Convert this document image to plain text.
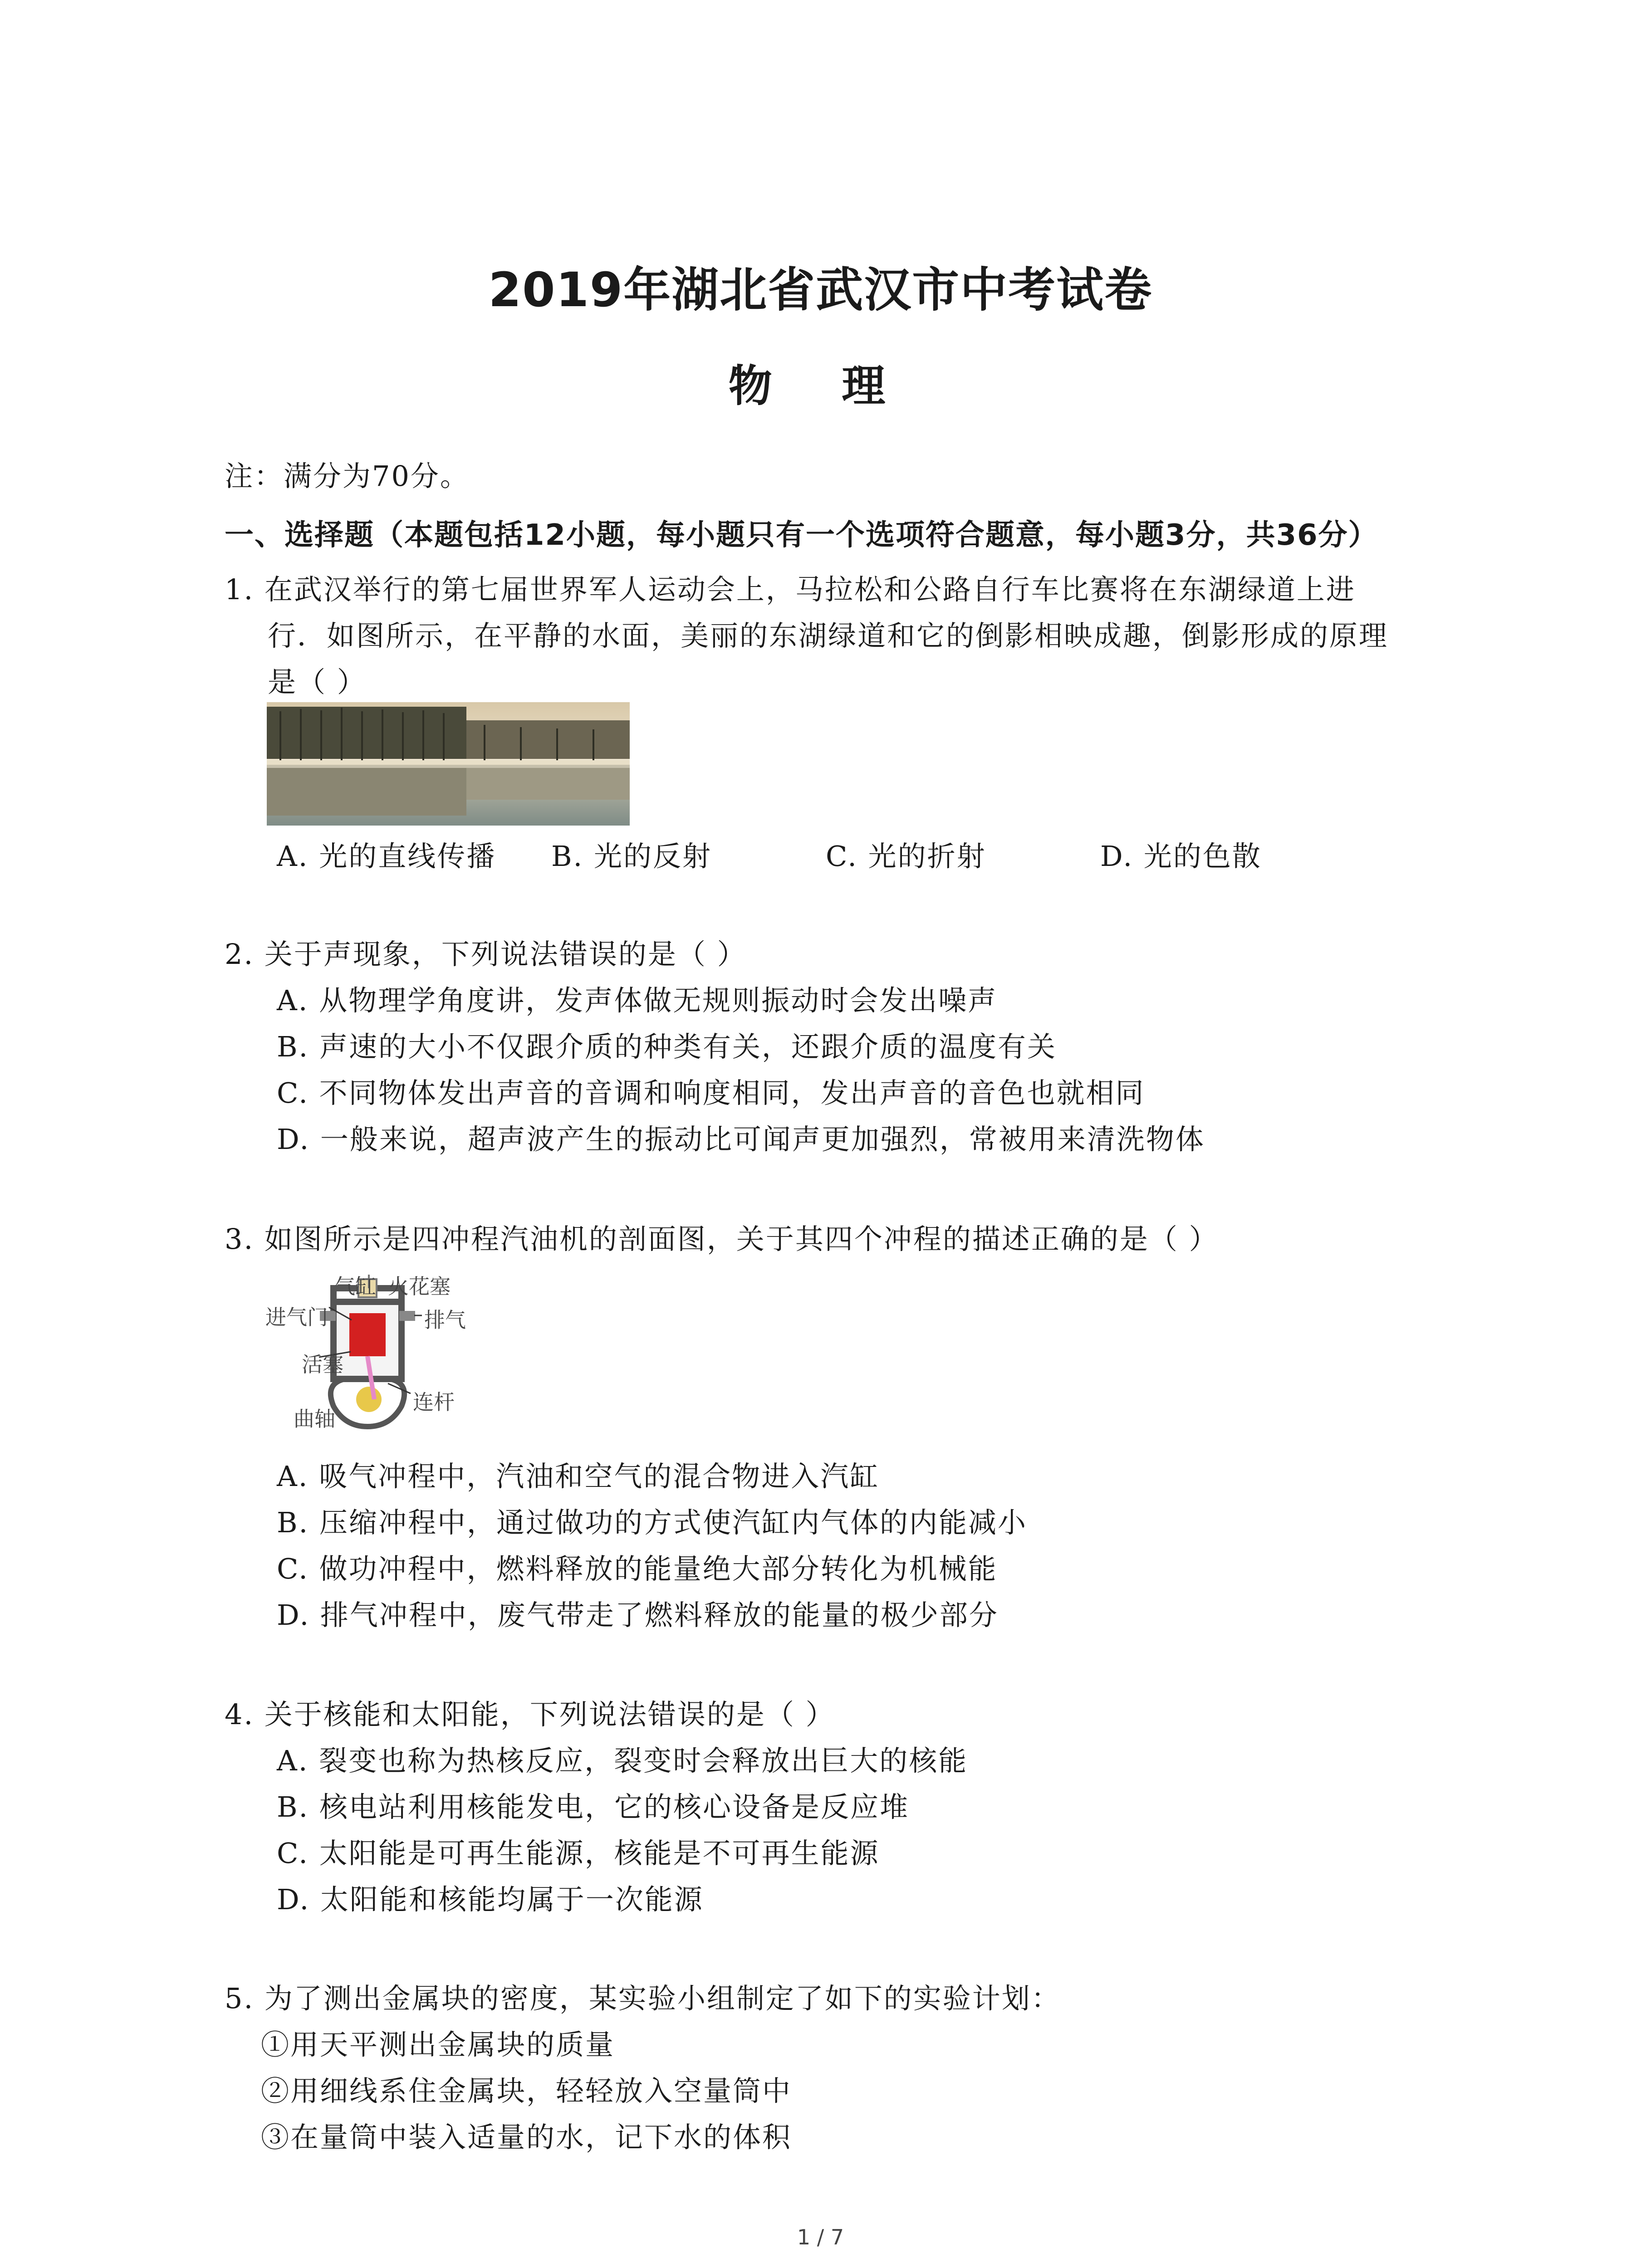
2019年湖北省武汉市中考试卷
物 理
注：满分为70分。
一、选择题（本题包括12小题，每小题只有一个选项符合题意，每小题3分，共36分）
1. 在武汉举行的第七届世界军人运动会上，马拉松和公路自行车比赛将在东湖绿道上进
行．如图所示，在平静的水面，美丽的东湖绿道和它的倒影相映成趣，倒影形成的原理
是（ ）
A. 光的直线传播 B. 光的反射	C. 光的折射	D. 光的色散
2. 关于声现象，下列说法错误的是（ ）
A. 从物理学角度讲，发声体做无规则振动时会发出噪声
B. 声速的大小不仅跟介质的种类有关，还跟介质的温度有关
C. 不同物体发出声音的音调和响度相同，发出声音的音色也就相同
D. 一般来说，超声波产生的振动比可闻声更加强烈，常被用来清洗物体
3. 如图所示是四冲程汽油机的剖面图，关于其四个冲程的描述正确的是（ ）
气缸 火花塞
进气门	排气
活塞
连杆
曲轴
A. 吸气冲程中，汽油和空气的混合物进入汽缸
B. 压缩冲程中，通过做功的方式使汽缸内气体的内能减小
C. 做功冲程中，燃料释放的能量绝大部分转化为机械能
D. 排气冲程中，废气带走了燃料释放的能量的极少部分
4. 关于核能和太阳能，下列说法错误的是（ ）
A. 裂变也称为热核反应，裂变时会释放出巨大的核能
B. 核电站利用核能发电，它的核心设备是反应堆
C. 太阳能是可再生能源，核能是不可再生能源
D. 太阳能和核能均属于一次能源
5. 为了测出金属块的密度，某实验小组制定了如下的实验计划：
①用天平测出金属块的质量
②用细线系住金属块，轻轻放入空量筒中
③在量筒中装入适量的水，记下水的体积
1 / 7
